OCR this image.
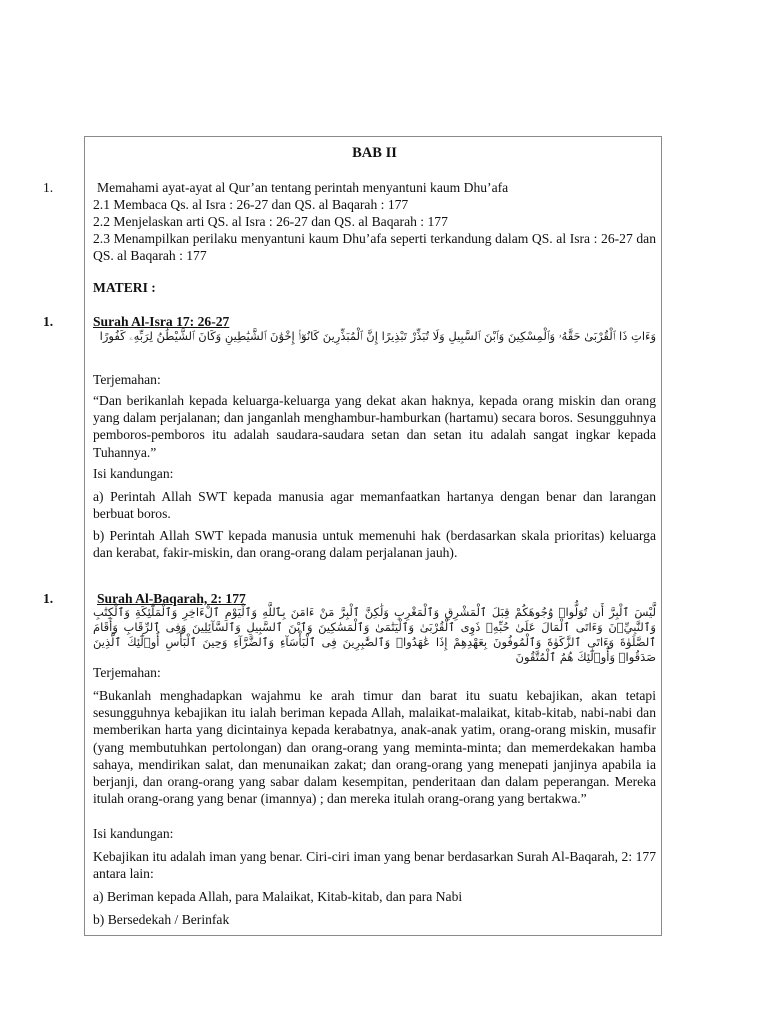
BAB II
1.	Memahami ayat-ayat al Qur’an tentang perintah menyantuni kaum Dhu’afa
2.1 Membaca Qs. al Isra : 26-27 dan QS. al Baqarah : 177
2.2 Menjelaskan arti QS. al Isra : 26-27 dan QS. al Baqarah : 177
2.3 Menampilkan perilaku menyantuni kaum Dhu’afa seperti terkandung dalam QS. al Isra : 26-27 dan QS. al Baqarah : 177
MATERI :
1.	Surah Al-Isra 17: 26-27
وَءَاتِ ذَا ٱلْقُرْبَىٰ حَقَّهُۥ وَٱلْمِسْكِينَ وَٱبْنَ ٱلسَّبِيلِ وَلَا تُبَذِّرْ تَبْذِيرًا إِنَّ ٱلْمُبَذِّرِينَ كَانُوٓا۟ إِخْوَٰنَ ٱلشَّيَٰطِينِ وَكَانَ ٱلشَّيْطَٰنُ لِرَبِّهِۦ كَفُورًا
Terjemahan:
“Dan berikanlah kepada keluarga-keluarga yang dekat akan haknya, kepada orang miskin dan orang yang dalam perjalanan; dan janganlah menghambur-hamburkan (hartamu) secara boros. Sesungguhnya pemboros-pemboros itu adalah saudara-saudara setan dan setan itu adalah sangat ingkar kepada Tuhannya.”
Isi kandungan:
a) Perintah Allah SWT kepada manusia agar memanfaatkan hartanya dengan benar dan larangan berbuat boros.
b) Perintah Allah SWT kepada manusia untuk memenuhi hak (berdasarkan skala prioritas) keluarga dan kerabat, fakir-miskin, dan orang-orang dalam perjalanan jauh).
1.	Surah Al-Baqarah, 2: 177
لَّيْسَ ٱلْبِرَّ أَن تُوَلُّوا۟ وُجُوهَكُمْ قِبَلَ ٱلْمَشْرِقِ وَٱلْمَغْرِبِ وَلَٰكِنَّ ٱلْبِرَّ مَنْ ءَامَنَ بِٱللَّهِ وَٱلْيَوْمِ ٱلْءَاخِرِ وَٱلْمَلَٰٓئِكَةِ وَٱلْكِتَٰبِ وَٱلنَّبِيِّۦنَ وَءَاتَى ٱلْمَالَ عَلَىٰ حُبِّهِۦ ذَوِى ٱلْقُرْبَىٰ وَٱلْيَتَٰمَىٰ وَٱلْمَسَٰكِينَ وَٱبْنَ ٱلسَّبِيلِ وَٱلسَّآئِلِينَ وَفِى ٱلرِّقَابِ وَأَقَامَ ٱلصَّلَوٰةَ وَءَاتَى ٱلزَّكَوٰةَ وَٱلْمُوفُونَ بِعَهْدِهِمْ إِذَا عَٰهَدُوا۟ وَٱلصَّٰبِرِينَ فِى ٱلْبَأْسَآءِ وَٱلضَّرَّآءِ وَحِينَ ٱلْبَأْسِ أُو۟لَٰٓئِكَ ٱلَّذِينَ صَدَقُوا۟ وَأُو۟لَٰٓئِكَ هُمُ ٱلْمُتَّقُونَ
Terjemahan:
“Bukanlah menghadapkan wajahmu ke arah timur dan barat itu suatu kebajikan, akan tetapi sesungguhnya kebajikan itu ialah beriman kepada Allah, malaikat-malaikat, kitab-kitab, nabi-nabi dan memberikan harta yang dicintainya kepada kerabatnya, anak-anak yatim, orang-orang miskin, musafir (yang membutuhkan pertolongan) dan orang-orang yang meminta-minta; dan memerdekakan hamba sahaya, mendirikan salat, dan menunaikan zakat; dan orang-orang yang menepati janjinya apabila ia berjanji, dan orang-orang yang sabar dalam kesempitan, penderitaan dan dalam peperangan. Mereka itulah orang-orang yang benar (imannya) ; dan mereka itulah orang-orang yang bertakwa.”
Isi kandungan:
Kebajikan itu adalah iman yang benar. Ciri-ciri iman yang benar berdasarkan Surah Al-Baqarah, 2: 177 antara lain:
a) Beriman kepada Allah, para Malaikat, Kitab-kitab, dan para Nabi
b) Bersedekah / Berinfak
